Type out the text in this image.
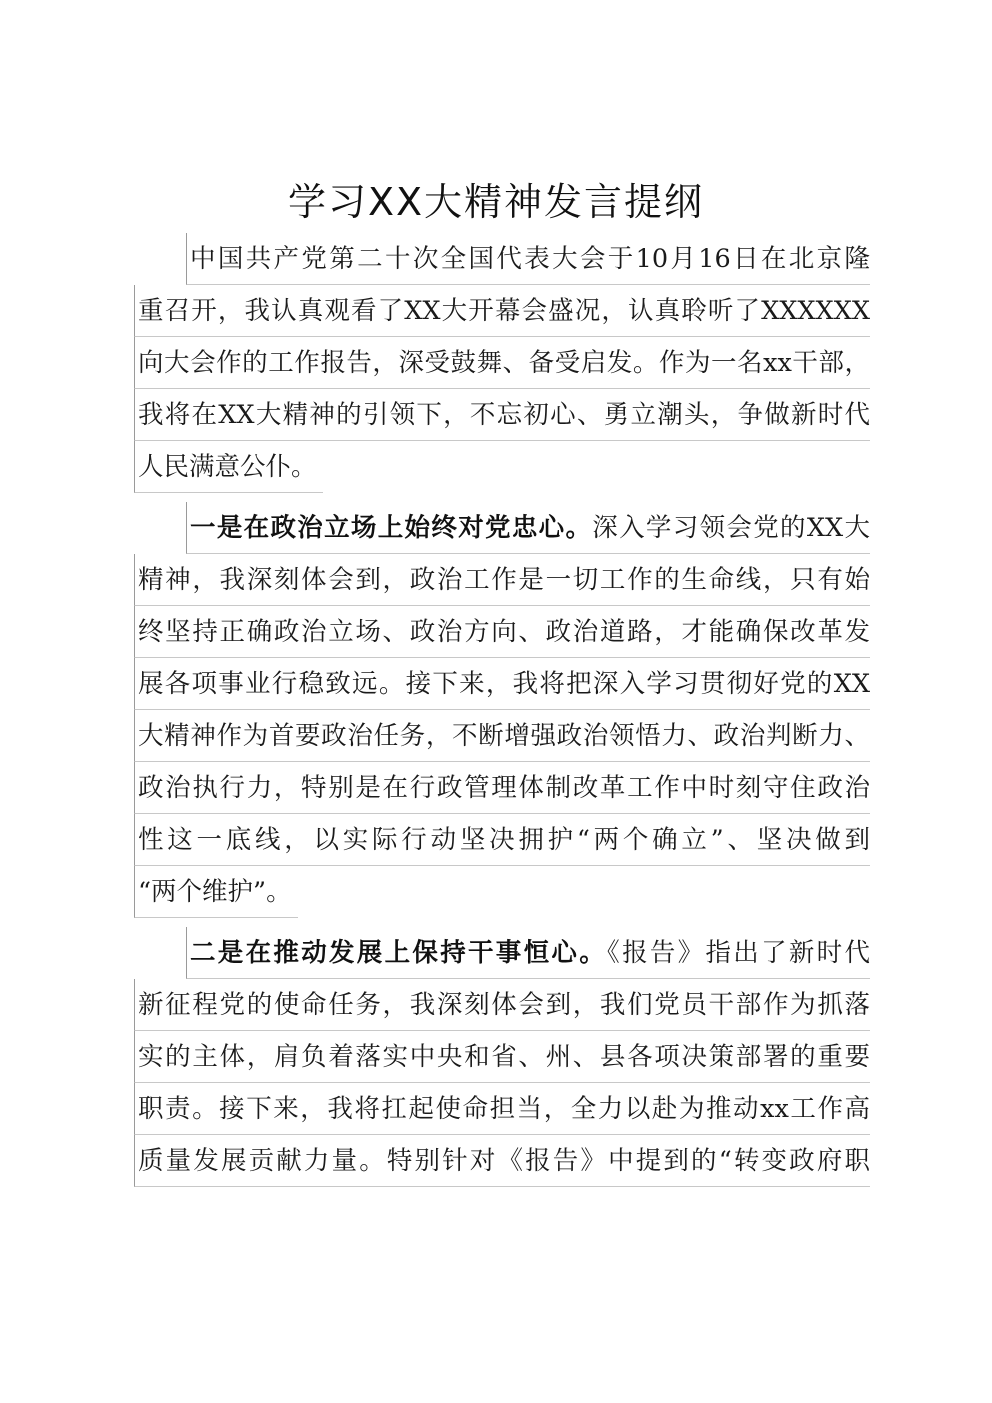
学习XX大精神发言提纲
中国共产党第二十次全国代表大会于10月16日在北京隆
重召开，我认真观看了XX大开幕会盛况，认真聆听了XXXXXX
向大会作的工作报告，深受鼓舞、备受启发。作为一名xx干部，
我将在XX大精神的引领下，不忘初心、勇立潮头，争做新时代
人民满意公仆。
一是在政治立场上始终对党忠心。深入学习领会党的XX大
精神，我深刻体会到，政治工作是一切工作的生命线，只有始
终坚持正确政治立场、政治方向、政治道路，才能确保改革发
展各项事业行稳致远。接下来，我将把深入学习贯彻好党的XX
大精神作为首要政治任务，不断增强政治领悟力、政治判断力、
政治执行力，特别是在行政管理体制改革工作中时刻守住政治
性这一底线，以实际行动坚决拥护“两个确立”、坚决做到
“两个维护”。
二是在推动发展上保持干事恒心。《报告》指出了新时代
新征程党的使命任务，我深刻体会到，我们党员干部作为抓落
实的主体，肩负着落实中央和省、州、县各项决策部署的重要
职责。接下来，我将扛起使命担当，全力以赴为推动xx工作高
质量发展贡献力量。特别针对《报告》中提到的“转变政府职
